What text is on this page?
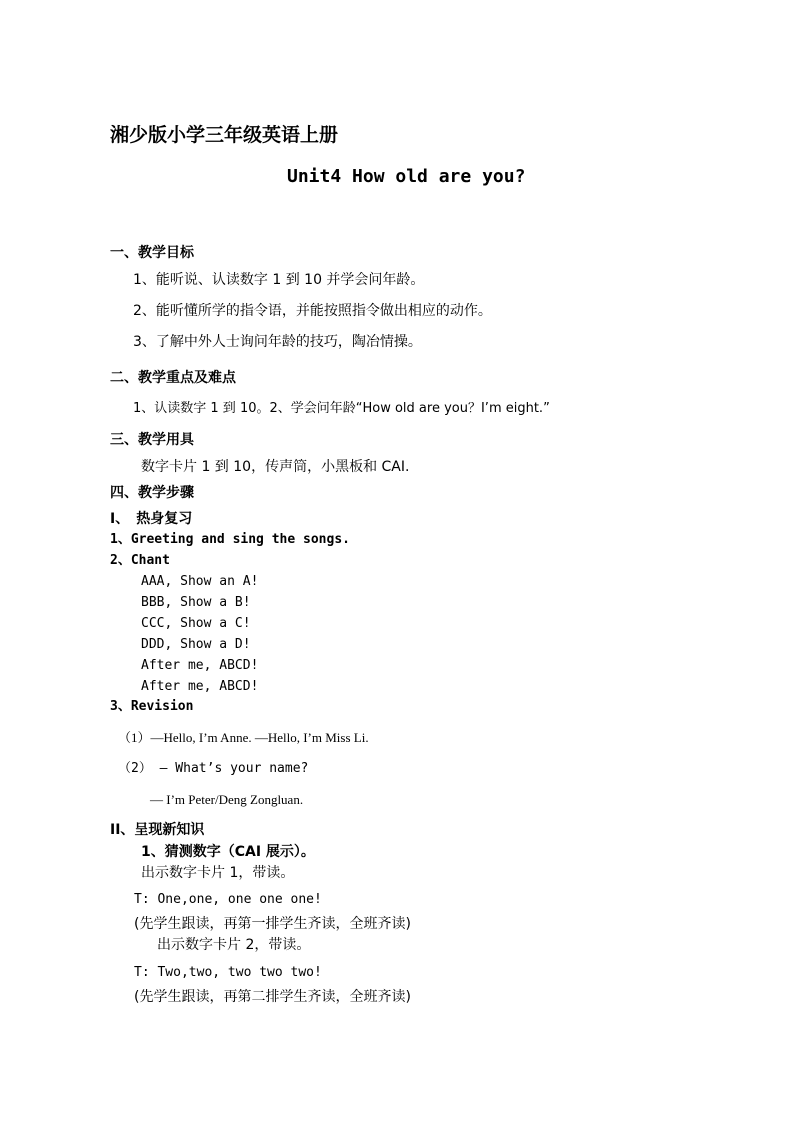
湘少版小学三年级英语上册
Unit4 How old are you?
一、教学目标
1、能听说、认读数字 1 到 10 并学会问年龄。
2、能听懂所学的指令语，并能按照指令做出相应的动作。
3、了解中外人士询问年龄的技巧，陶冶情操。
二、教学重点及难点
1、认读数字 1 到 10。2、学会问年龄“How old are you？I’m eight.”
三、教学用具
数字卡片 1 到 10，传声筒，小黑板和 CAI.
四、教学步骤
I、　热身复习
1、Greeting and sing the songs.
2、Chant
AAA, Show an A!
BBB, Show a B!
CCC, Show a C!
DDD, Show a D!
After me, ABCD!
After me, ABCD!
3、Revision
（1）—Hello, I’m Anne. —Hello, I’m Miss Li.
（2） — What’s your name?
— I’m Peter/Deng Zongluan.
II、呈现新知识
1、猜测数字（CAI 展示）。
出示数字卡片 1，带读。
T: One,one, one one one!
(先学生跟读，再第一排学生齐读，全班齐读)
出示数字卡片 2，带读。
T: Two,two, two two two!
(先学生跟读，再第二排学生齐读，全班齐读)
